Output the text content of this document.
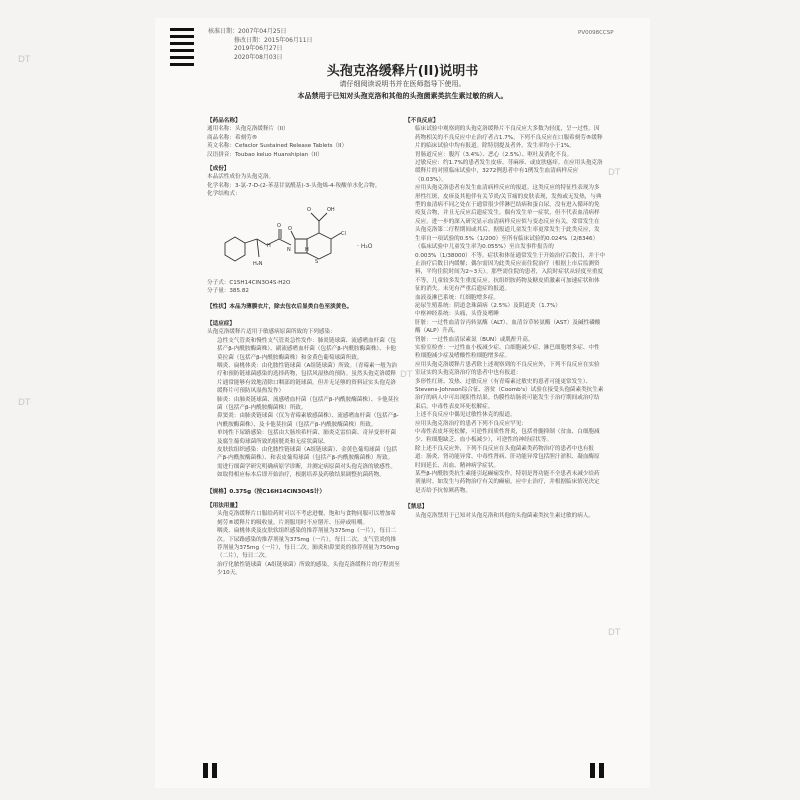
DT
DT
DT
DT
DT
核准日期：2007年04月25日
修改日期：2015年06月11日
2019年06月27日
2020年08月03日
PV0098CCSP
头孢克洛缓释片(II)说明书
请仔细阅读说明书并在医师指导下使用。
本品禁用于已知对头孢克洛和其他的头孢菌素类抗生素过敏的病人。
【药品名称】
通用名称：头孢克洛缓释片（II）
商品名称：希刻劳®
英文名称：Cefaclor Sustained Release Tablets（II）
汉语拼音：Toubao keluo Huanshipian（II）
【成份】
本品活性成份为头孢克洛。
化学名称：3-氯-7-D-(2-苯基甘氨酰基)-3-头孢烯-4-羧酸单水化合物。
化学结构式：
H₂N
H
O
N
O
S
Cl
OH
O
H	· H₂O
分子式：C15H14ClN3O4S·H2O
分子量：385.82
【性状】本品为薄膜衣片，除去包衣后显类白色至淡黄色。
【适应症】
头孢克洛缓释片适用于敏感病原菌所致的下列感染：
急性支气管炎和慢性支气管炎急性发作：肺炎链球菌、流感嗜血杆菌（包括产β-内酰胺酶菌株）、副流感嗜血杆菌（包括产β-内酰胺酶菌株）、卡他莫拉菌（包括产β-内酰胺酶菌株）和金黄色葡萄球菌所致。
咽炎、扁桃体炎：由化脓性链球菌（A组链球菌）所致。（青霉素一般为治疗和预防链球菌感染的选择药物，包括风湿热的预防。虽然头孢克洛缓释片通常能够有效地清除口咽部的链球菌，但并无足够的资料证实头孢克洛缓释片可预防风湿热发作）
肺炎：由肺炎链球菌、流感嗜血杆菌（包括产β-内酰胺酶菌株）、卡他莫拉菌（包括产β-内酰胺酶菌株）所致。
鼻窦炎：由肺炎链球菌（仅为青霉素敏感菌株）、流感嗜血杆菌（包括产β-内酰胺酶菌株）、及卡他莫拉菌（包括产β-内酰胺酶菌株）所致。
单纯性下尿路感染：包括由大肠埃希杆菌、肺炎克雷伯菌、奇异变形杆菌及腐生葡萄球菌所致的膀胱炎和无症状菌尿。
皮肤软组织感染：由化脓性链球菌（A组链球菌）、金黄色葡萄球菌（包括产β-内酰胺酶菌株）、和表皮葡萄球菌（包括产β-内酰胺酶菌株）所致。
需进行细菌学研究明确病原学诊断，并测定病原菌对头孢克洛的敏感性。如取得相应标本后即开始治疗，根据培养及药敏结果调整抗菌药物。
【规格】0.375g（按C16H14ClN3O4S计）
【用法用量】
头孢克洛缓释片口服给药时可以不考虑进餐，饱和与食物同服可以增加希刻劳®缓释片的吸收量。片剂服用时不应掰开、压碎或咀嚼。
咽炎、扁桃体炎及皮肤软组织感染的推荐剂量为375mg（一片），每日二次。下尿路感染的推荐剂量为375mg（一片），每日二次。支气管炎的推荐剂量为375mg（一片），每日二次。肺炎和鼻窦炎的推荐剂量为750mg（二片），每日二次。
治疗化脓性链球菌（A组链球菌）所致的感染，头孢克洛缓释片的疗程需至少10天。
【不良反应】
临床试验中观察到的头孢克洛缓释片不良反应大多数为轻度，呈一过性。因药物相关的不良反应中止治疗者占1.7%。下列不良反应在口服希刻劳®缓释片的临床试验中均有报道。除特别提及者外，发生率均小于1%。
胃肠道反应：腹泻（3.4%）、恶心（2.5%）、呕吐及消化不良。
过敏反应：约1.7%的患者发生皮疹、荨麻疹、或皮肤瘙痒。在应用头孢克洛缓释片的对照临床试验中，3272例患者中有1例发生血清病样反应（0.03%）。
应用头孢克洛患者有发生血清病样反应的报道。这类反应的特征性表现为多形性红斑，皮疹及其他伴有关节炎/关节痛的皮肤表现，发热或无发热，与典型的血清病不同之处在于通常很少伴淋巴结病和蛋白尿。没有进入循环的免疫复合物，并且无反应后遗症发生。偶有发生单一症状，但不代表血清病样反应。进一步的深入研究显示血清病样反应似与变态反应有关，常常发生在头孢克洛第二疗程期间或其后。据报道儿童发生率更常发生于此类反应，发生率自一项试验的0.5%（1/200）至所有临床试验的0.024%（2/8346）（临床试验中儿童发生率为0.055%）至自发事件报告的0.003%（1/38000）不等。症状和体征通常发生于开始治疗后数日，并于中止治疗后数日内缓解；偶尔需因为此类反应而住院治疗（根据上市后监测资料，平均住院时间为2~3天）。那些需住院的患者，入院时症状从轻度至重度不等，儿童较多发生重度反应。抗组织胺药物及糖皮质激素可加速症状和体征的消失。未见有严重后遗症的报道。
血液及淋巴系统：红细胞增多症。
泌尿生殖系统：阴道念珠菌病（2.5%）及阴道炎（1.7%）
中枢神经系统：头痛、头昏及嗜睡
肝脏：一过性血清谷丙转氨酶（ALT）、血清谷草转氨酶（AST）及碱性磷酸酶（ALP）升高。
肾脏：一过性血清尿素氮（BUN）或肌酐升高。
实验室检查：一过性血小板减少症、白细胞减少症、淋巴细胞增多症、中性粒细胞减少症及嗜酸性粒细胞增多症。
应用头孢克洛缓释片患者除上述观察到的不良反应外，下列不良反应在实验室证实的头孢克洛治疗的患者中也有报道：
多形性红斑、发热、过敏反应（有青霉素过敏史的患者可能更常发生）、Stevens-Johnson综合征、溶贫（Coomb's）试验在接受头孢菌素类抗生素治疗的病人中可出现阳性结果。伪膜性结肠炎可能发生于治疗期间或治疗结束后。中毒性表皮坏死松解症。
上述不良反应中偶见过敏性休克的报道。
应用头孢克洛治疗的患者下列不良反应罕见：
中毒性表皮坏死松解，可逆性间质性肾炎，包括骨髓抑制（贫血、白细胞减少、粒细胞缺乏、血小板减少），可逆性的神经症状等。
除上述不良反应外，下列不良反应在头孢菌素类药物治疗的患者中也有报道：肠炎、肾功能异常、中毒性肾病、肝功能异常包括胆汁淤积、凝血酶原时间延长、出血、精神病学症状。
某些β-内酰胺类抗生素能引起癫痫发作，特别是肾功能不全患者未减少给药剂量时。如发生与药物治疗有关的癫痫，应中止治疗，并根据临床情况决定是否给予抗惊厥药物。
【禁忌】
头孢克洛禁用于已知对头孢克洛和其他的头孢菌素类抗生素过敏的病人。
